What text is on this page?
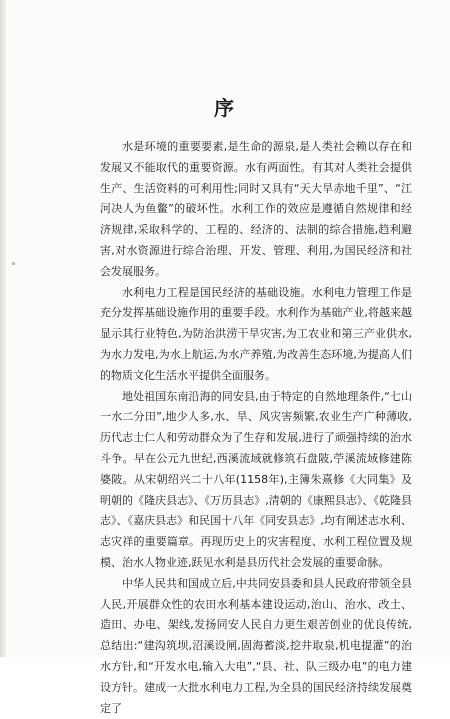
序

水是环境的重要要素,是生命的源泉,是人类社会赖以存在和发展又不能取代的重要资源。水有两面性。有其对人类社会提供生产、生活资料的可利用性;同时又具有“天大旱赤地千里”、“江河决人为鱼鳖”的破坏性。水利工作的效应是遵循自然规律和经济规律,采取科学的、工程的、经济的、法制的综合措施,趋利避害,对水资源进行综合治理、开发、管理、利用,为国民经济和社会发展服务。

水利电力工程是国民经济的基础设施。水利电力管理工作是充分发挥基础设施作用的重要手段。水利作为基础产业,将越来越显示其行业特色,为防治洪涝干旱灾害,为工农业和第三产业供水,为水力发电,为水上航运,为水产养殖,为改善生态环境,为提高人们的物质文化生活水平提供全面服务。

地处祖国东南沿海的同安县,由于特定的自然地理条件,“七山一水二分田”,地少人多,水、旱、风灾害频繁,农业生产广种薄收,历代志士仁人和劳动群众为了生存和发展,进行了顽强持续的治水斗争。早在公元九世纪,西溪流域就修筑石盘陂,苧溪流域修建陈婆陂。从宋朝绍兴二十八年(1158年),主簿朱熹修《大同集》及明朝的《隆庆县志》、《万历县志》,清朝的《康熙县志》、《乾隆县志》、《嘉庆县志》和民国十八年《同安县志》,均有阐述志水利、志灾祥的重要篇章。再现历史上的灾害程度、水利工程位置及规模、治水人物业迹,跃见水利是县历代社会发展的重要命脉。

中华人民共和国成立后,中共同安县委和县人民政府带领全县人民,开展群众性的农田水利基本建设运动,治山、治水、改土、造田、办电、架线,发扬同安人民自力更生艰苦创业的优良传统,总结出:“建沟筑坝,沼溪设闸,固海蓄淡,挖井取泉,机电提灌”的治水方针,和“开发水电,输入大电”,“县、社、队三级办电”的电力建设方针。建成一大批水利电力工程,为全县的国民经济持续发展奠定了
